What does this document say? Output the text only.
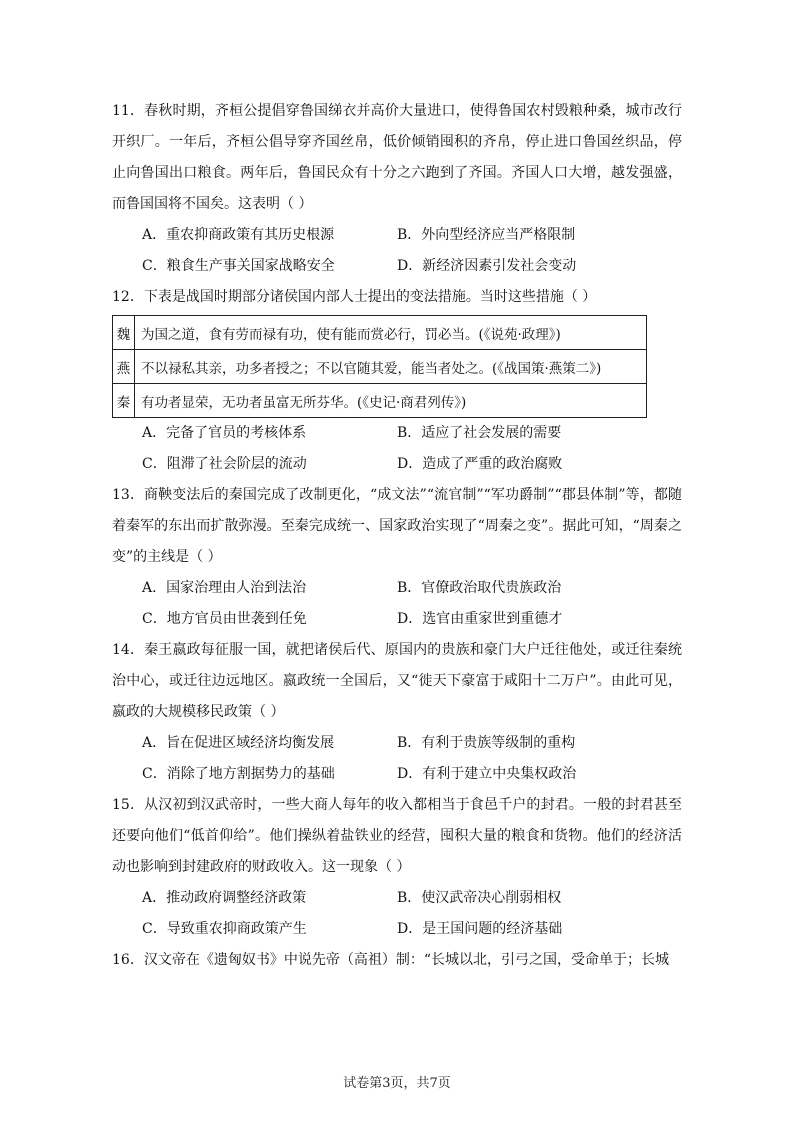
11．春秋时期，齐桓公提倡穿鲁国绨衣并高价大量进口，使得鲁国农村毁粮种桑，城市改行开织厂。一年后，齐桓公倡导穿齐国丝帛，低价倾销囤积的齐帛，停止进口鲁国丝织品，停止向鲁国出口粮食。两年后，鲁国民众有十分之六跑到了齐国。齐国人口大增，越发强盛，而鲁国国将不国矣。这表明（ ）

A．重农抑商政策有其历史根源	B．外向型经济应当严格限制
C．粮食生产事关国家战略安全	D．新经济因素引发社会变动

12．下表是战国时期部分诸侯国内部人士提出的变法措施。当时这些措施（ ）

魏	为国之道，食有劳而禄有功，使有能而赏必行，罚必当。(《说苑·政理》)
燕	不以禄私其亲，功多者授之；不以官随其爱，能当者处之。(《战国策·燕策二》)
秦	有功者显荣，无功者虽富无所芬华。(《史记·商君列传》)
A．完备了官员的考核体系	B．适应了社会发展的需要
C．阻滞了社会阶层的流动	D．造成了严重的政治腐败

13．商鞅变法后的秦国完成了改制更化，“成文法”“流官制”“军功爵制”“郡县体制”等，都随着秦军的东出而扩散弥漫。至秦完成统一、国家政治实现了“周秦之变”。据此可知，“周秦之变”的主线是（ ）

A．国家治理由人治到法治	B．官僚政治取代贵族政治
C．地方官员由世袭到任免	D．选官由重家世到重德才

14．秦王嬴政每征服一国，就把诸侯后代、原国内的贵族和豪门大户迁往他处，或迁往秦统治中心，或迁往边远地区。嬴政统一全国后，又“徙天下豪富于咸阳十二万户”。由此可见，嬴政的大规模移民政策（ ）

A．旨在促进区域经济均衡发展	B．有利于贵族等级制的重构
C．消除了地方割据势力的基础	D．有利于建立中央集权政治

15．从汉初到汉武帝时，一些大商人每年的收入都相当于食邑千户的封君。一般的封君甚至还要向他们“低首仰给”。他们操纵着盐铁业的经营，囤积大量的粮食和货物。他们的经济活动也影响到封建政府的财政收入。这一现象（ ）

A．推动政府调整经济政策	B．使汉武帝决心削弱相权
C．导致重农抑商政策产生	D．是王国问题的经济基础

16．汉文帝在《遗匈奴书》中说先帝（高祖）制：“长城以北，引弓之国，受命单于；长城

试卷第3页，共7页
